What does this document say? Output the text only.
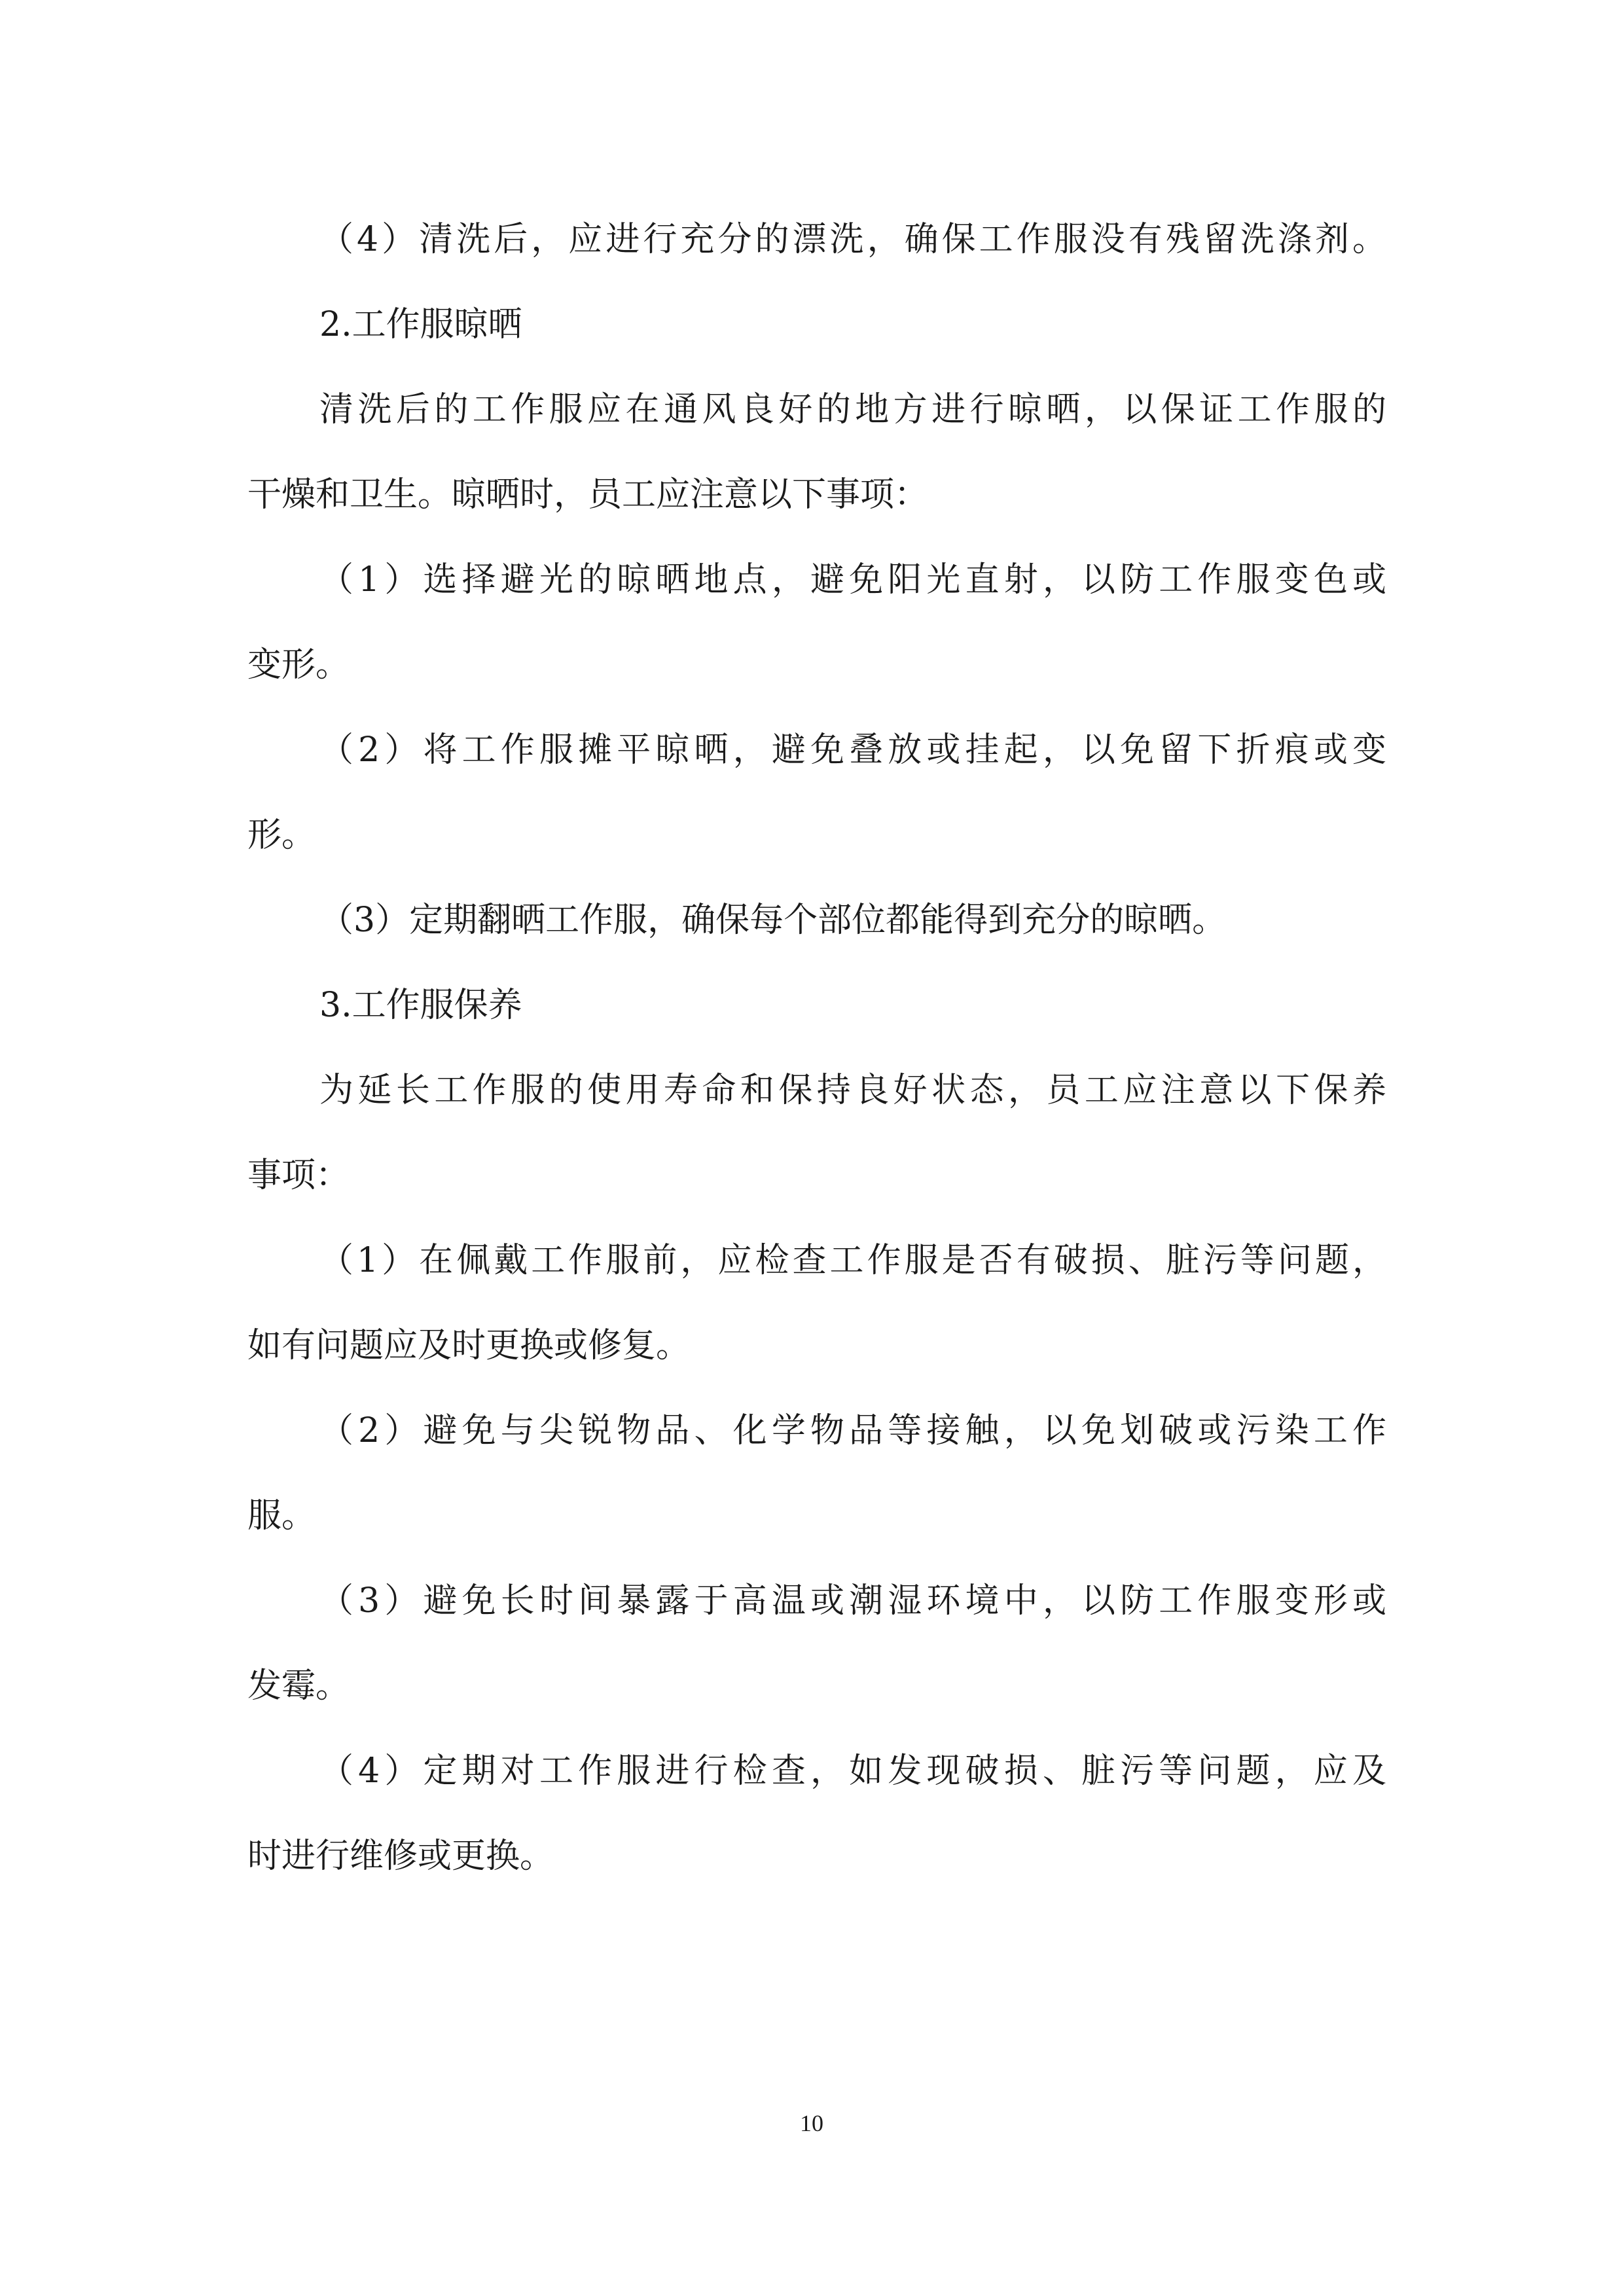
（4）清洗后，应进行充分的漂洗，确保工作服没有残留洗涤剂。
2.工作服晾晒
清洗后的工作服应在通风良好的地方进行晾晒，以保证工作服的
干燥和卫生。晾晒时，员工应注意以下事项：
（1）选择避光的晾晒地点，避免阳光直射，以防工作服变色或
变形。
（2）将工作服摊平晾晒，避免叠放或挂起，以免留下折痕或变
形。
（3）定期翻晒工作服，确保每个部位都能得到充分的晾晒。
3.工作服保养
为延长工作服的使用寿命和保持良好状态，员工应注意以下保养
事项：
（1）在佩戴工作服前，应检查工作服是否有破损、脏污等问题，
如有问题应及时更换或修复。
（2）避免与尖锐物品、化学物品等接触，以免划破或污染工作
服。
（3）避免长时间暴露于高温或潮湿环境中，以防工作服变形或
发霉。
（4）定期对工作服进行检查，如发现破损、脏污等问题，应及
时进行维修或更换。
10
